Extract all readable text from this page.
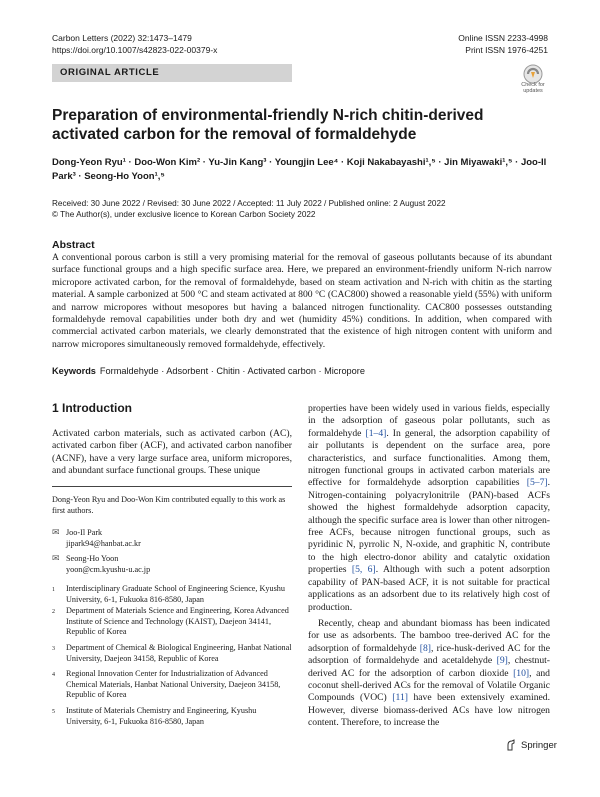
Carbon Letters (2022) 32:1473–1479
https://doi.org/10.1007/s42823-022-00379-x
Online ISSN 2233-4998
Print ISSN 1976-4251
ORIGINAL ARTICLE
Check for updates
Preparation of environmental-friendly N-rich chitin-derived activated carbon for the removal of formaldehyde
Dong-Yeon Ryu¹ · Doo-Won Kim² · Yu-Jin Kang³ · Youngjin Lee⁴ · Koji Nakabayashi¹,⁵ · Jin Miyawaki¹,⁵ · Joo-Il Park³ · Seong-Ho Yoon¹,⁵
Received: 30 June 2022 / Revised: 30 June 2022 / Accepted: 11 July 2022 / Published online: 2 August 2022
© The Author(s), under exclusive licence to Korean Carbon Society 2022
Abstract
A conventional porous carbon is still a very promising material for the removal of gaseous pollutants because of its abundant surface functional groups and a high specific surface area. Here, we prepared an environment-friendly uniform N-rich narrow micropore activated carbon, for the removal of formaldehyde, based on steam activation and N-rich with chitin as the starting material. A sample carbonized at 500 °C and steam activated at 800 °C (CAC800) showed a reasonable yield (55%) with uniform and narrow micropores without mesopores but having a balanced nitrogen functionality. CAC800 possesses outstanding formaldehyde removal capabilities under both dry and wet (humidity 45%) conditions. In addition, when compared with commercial activated carbon materials, we clearly demonstrated that the existence of high nitrogen content with uniform and narrow micropores simultaneously removed formaldehyde, effectively.
Keywords Formaldehyde · Adsorbent · Chitin · Activated carbon · Micropore
1 Introduction
Activated carbon materials, such as activated carbon (AC), activated carbon fiber (ACF), and activated carbon nanofiber (ACNF), have a very large surface area, uniform micropores, and abundant surface functional groups. These unique
Dong-Yeon Ryu and Doo-Won Kim contributed equally to this work as first authors.
✉ Joo-Il Park
jipark94@hanbat.ac.kr
✉ Seong-Ho Yoon
yoon@cm.kyushu-u.ac.jp
1	Interdisciplinary Graduate School of Engineering Science, Kyushu University, 6-1, Fukuoka 816-8580, Japan
2	Department of Materials Science and Engineering, Korea Advanced Institute of Science and Technology (KAIST), Daejeon 34141, Republic of Korea
3	Department of Chemical & Biological Engineering, Hanbat National University, Daejeon 34158, Republic of Korea
4	Regional Innovation Center for Industrialization of Advanced Chemical Materials, Hanbat National University, Daejeon 34158, Republic of Korea
5	Institute of Materials Chemistry and Engineering, Kyushu University, 6-1, Fukuoka 816-8580, Japan

properties have been widely used in various fields, especially in the adsorption of gaseous polar pollutants, such as formaldehyde [1–4]. In general, the adsorption capability of air pollutants is dependent on the surface area, pore characteristics, and surface functionalities. Among them, nitrogen functional groups in activated carbon materials are effective for formaldehyde adsorption capabilities [5–7]. Nitrogen-containing polyacrylonitrile (PAN)-based ACFs showed the highest formaldehyde adsorption capacity, although the specific surface area is lower than other nitrogen-free ACFs, because nitrogen functional groups, such as pyridinic N, pyrrolic N, N-oxide, and graphitic N, contribute to the high electro-donor ability and catalytic oxidation properties [5, 6]. Although with such a potent adsorption capability of PAN-based ACF, it is not suitable for practical applications as an adsorbent due to its relatively high cost of production.

Recently, cheap and abundant biomass has been indicated for use as adsorbents. The bamboo tree-derived AC for the adsorption of formaldehyde [8], rice-husk-derived AC for the adsorption of formaldehyde and acetaldehyde [9], chestnut-derived AC for the adsorption of carbon dioxide [10], and coconut shell-derived ACs for the removal of Volatile Organic Compounds (VOC) [11] have been extensively examined. However, diverse biomass-derived ACs have low nitrogen content. Therefore, to increase the

Springer
